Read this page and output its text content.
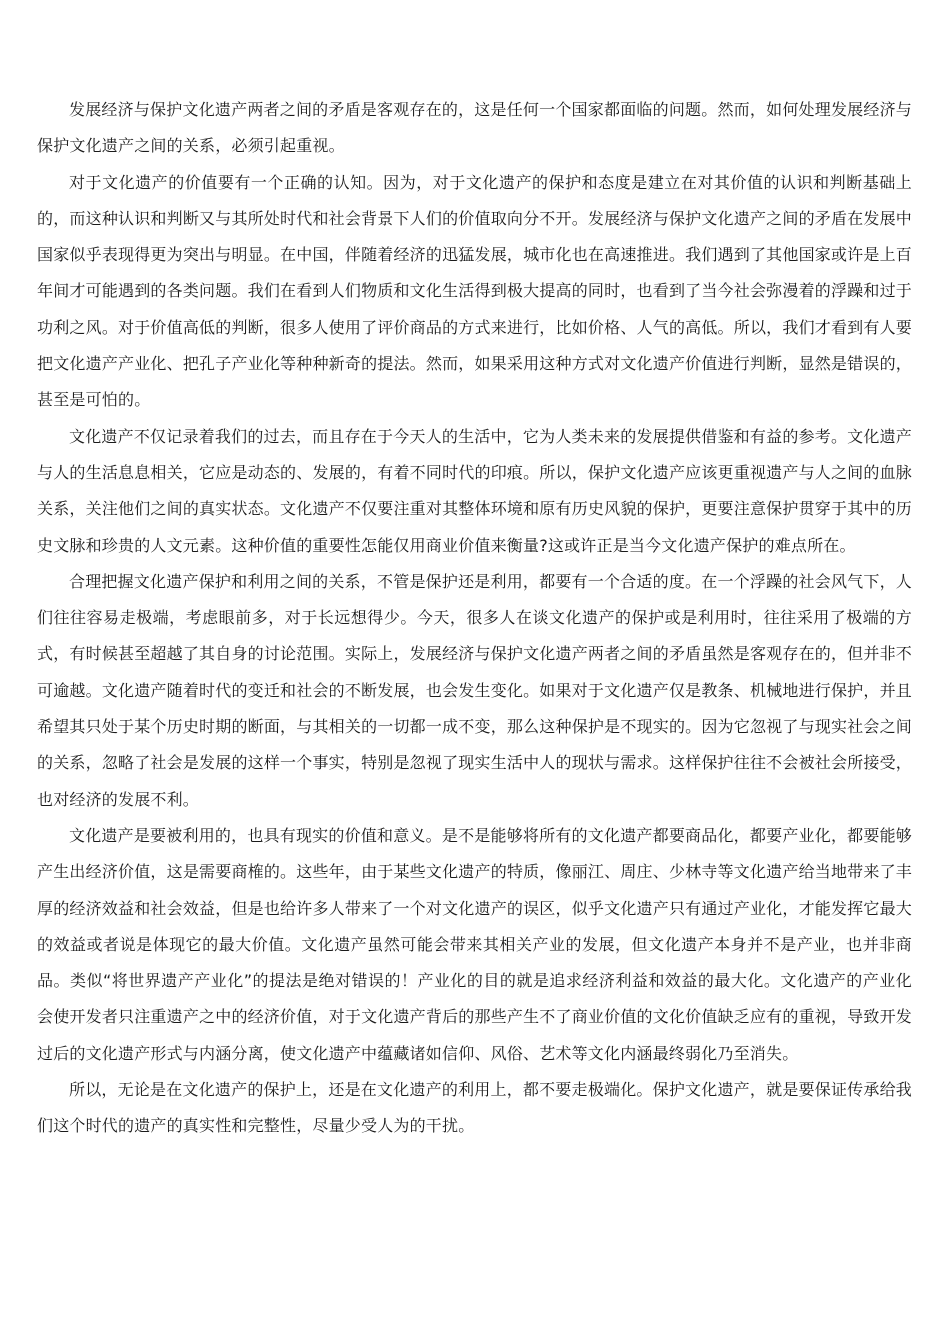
发展经济与保护文化遗产两者之间的矛盾是客观存在的，这是任何一个国家都面临的问题。然而，如何处理发展经济与保护文化遗产之间的关系，必须引起重视。

对于文化遗产的价值要有一个正确的认知。因为，对于文化遗产的保护和态度是建立在对其价值的认识和判断基础上的，而这种认识和判断又与其所处时代和社会背景下人们的价值取向分不开。发展经济与保护文化遗产之间的矛盾在发展中国家似乎表现得更为突出与明显。在中国，伴随着经济的迅猛发展，城市化也在高速推进。我们遇到了其他国家或许是上百年间才可能遇到的各类问题。我们在看到人们物质和文化生活得到极大提高的同时，也看到了当今社会弥漫着的浮躁和过于功利之风。对于价值高低的判断，很多人使用了评价商品的方式来进行，比如价格、人气的高低。所以，我们才看到有人要把文化遗产产业化、把孔子产业化等种种新奇的提法。然而，如果采用这种方式对文化遗产价值进行判断，显然是错误的，甚至是可怕的。

文化遗产不仅记录着我们的过去，而且存在于今天人的生活中，它为人类未来的发展提供借鉴和有益的参考。文化遗产与人的生活息息相关，它应是动态的、发展的，有着不同时代的印痕。所以，保护文化遗产应该更重视遗产与人之间的血脉关系，关注他们之间的真实状态。文化遗产不仅要注重对其整体环境和原有历史风貌的保护，更要注意保护贯穿于其中的历史文脉和珍贵的人文元素。这种价值的重要性怎能仅用商业价值来衡量?这或许正是当今文化遗产保护的难点所在。

合理把握文化遗产保护和利用之间的关系，不管是保护还是利用，都要有一个合适的度。在一个浮躁的社会风气下，人们往往容易走极端，考虑眼前多，对于长远想得少。今天，很多人在谈文化遗产的保护或是利用时，往往采用了极端的方式，有时候甚至超越了其自身的讨论范围。实际上，发展经济与保护文化遗产两者之间的矛盾虽然是客观存在的，但并非不可逾越。文化遗产随着时代的变迁和社会的不断发展，也会发生变化。如果对于文化遗产仅是教条、机械地进行保护，并且希望其只处于某个历史时期的断面，与其相关的一切都一成不变，那么这种保护是不现实的。因为它忽视了与现实社会之间的关系，忽略了社会是发展的这样一个事实，特别是忽视了现实生活中人的现状与需求。这样保护往往不会被社会所接受，也对经济的发展不利。

文化遗产是要被利用的，也具有现实的价值和意义。是不是能够将所有的文化遗产都要商品化，都要产业化，都要能够产生出经济价值，这是需要商榷的。这些年，由于某些文化遗产的特质，像丽江、周庄、少林寺等文化遗产给当地带来了丰厚的经济效益和社会效益，但是也给许多人带来了一个对文化遗产的误区，似乎文化遗产只有通过产业化，才能发挥它最大的效益或者说是体现它的最大价值。文化遗产虽然可能会带来其相关产业的发展，但文化遗产本身并不是产业，也并非商品。类似“将世界遗产产业化”的提法是绝对错误的！产业化的目的就是追求经济利益和效益的最大化。文化遗产的产业化会使开发者只注重遗产之中的经济价值，对于文化遗产背后的那些产生不了商业价值的文化价值缺乏应有的重视，导致开发过后的文化遗产形式与内涵分离，使文化遗产中蕴藏诸如信仰、风俗、艺术等文化内涵最终弱化乃至消失。

所以，无论是在文化遗产的保护上，还是在文化遗产的利用上，都不要走极端化。保护文化遗产，就是要保证传承给我们这个时代的遗产的真实性和完整性，尽量少受人为的干扰。
